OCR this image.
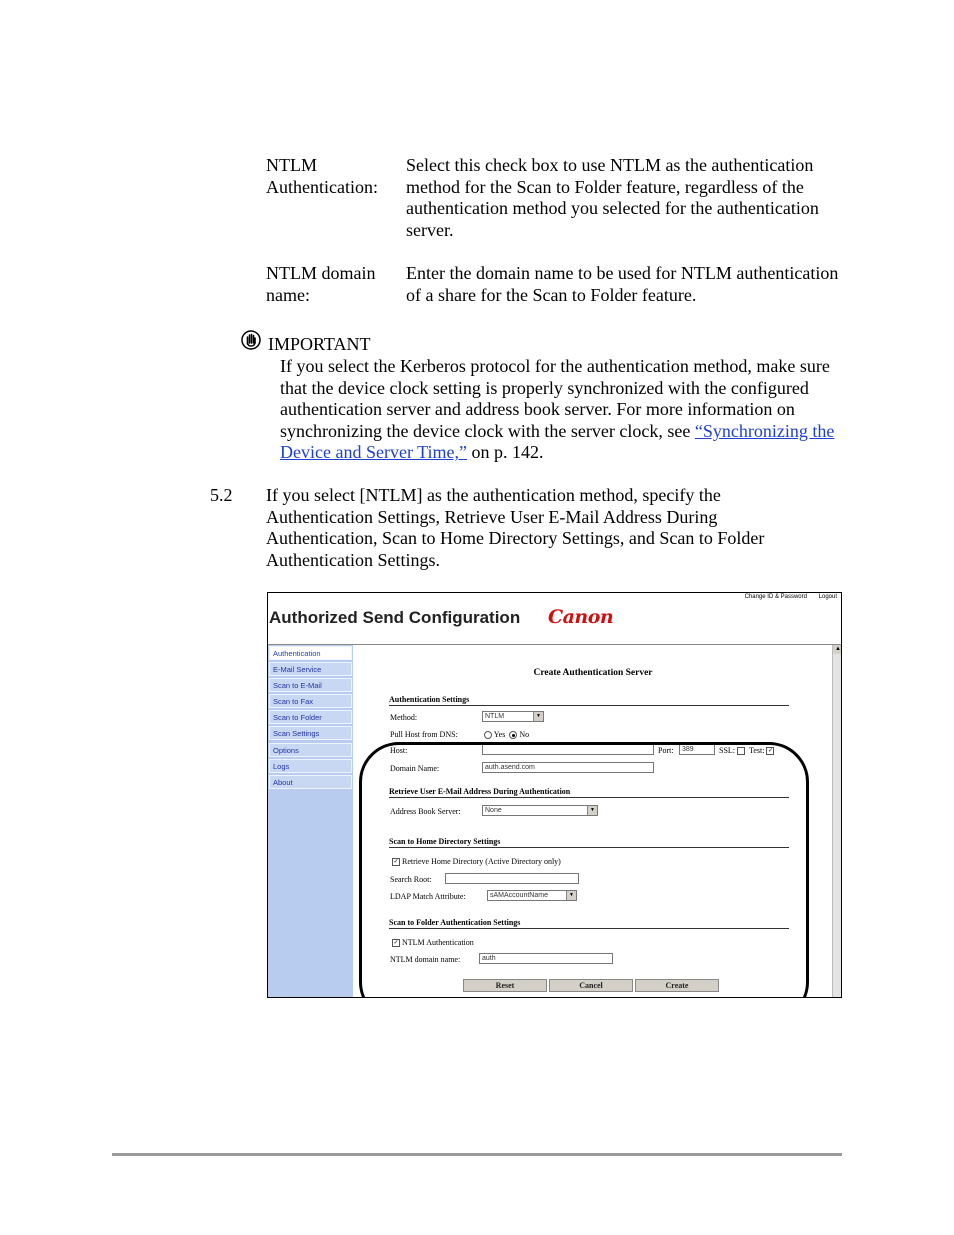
NTLM Authentication:
Select this check box to use NTLM as the authentication method for the Scan to Folder feature, regardless of the authentication method you selected for the authentication server.
NTLM domain name:
Enter the domain name to be used for NTLM authentication of a share for the Scan to Folder feature.
IMPORTANT
If you select the Kerberos protocol for the authentication method, make sure that the device clock setting is properly synchronized with the configured authentication server and address book server. For more information on synchronizing the device clock with the server clock, see “Synchronizing the Device and Server Time,” on p. 142.
5.2 If you select [NTLM] as the authentication method, specify the Authentication Settings, Retrieve User E-Mail Address During Authentication, Scan to Home Directory Settings, and Scan to Folder Authentication Settings.
Change ID & Password Logout
Authorized Send Configuration Canon
Authentication
E-Mail Service
Scan to E-Mail
Scan to Fax
Scan to Folder
Scan Settings
Options
Logs
About
Create Authentication Server
Authentication Settings
Method:	NTLM	▼
Pull Host from DNS:	Yes No
Host:	Port:	389	SSL: Test: ✓
Domain Name:	auth.asend.com
Retrieve User E-Mail Address During Authentication
Address Book Server:	None	▼
Scan to Home Directory Settings
✓ Retrieve Home Directory (Active Directory only)
Search Root:
LDAP Match Attribute:	sAMAccountName	▼
Scan to Folder Authentication Settings
✓ NTLM Authentication
NTLM domain name:	auth
Reset	Cancel	Create
▲
